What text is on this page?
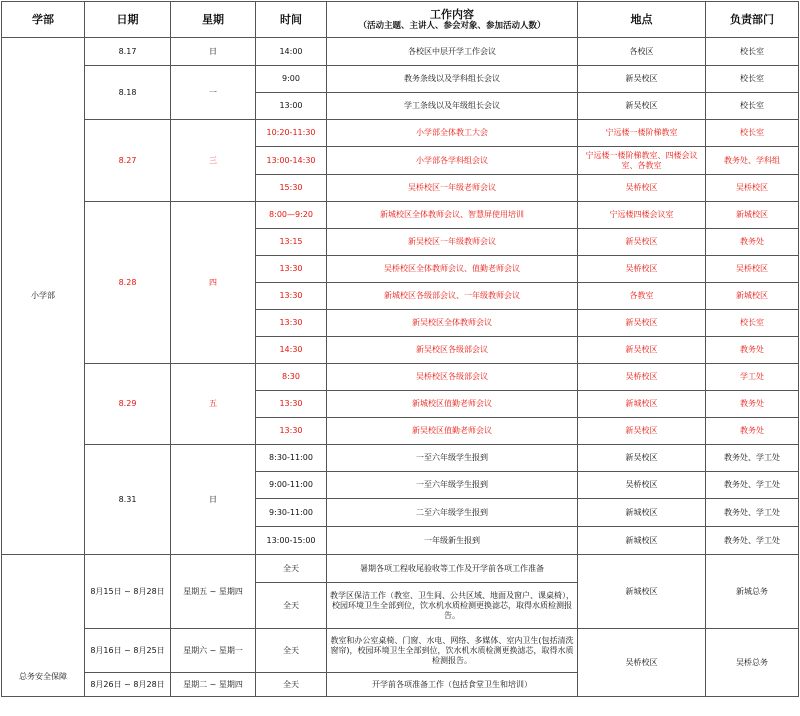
学部	日期	星期	时间	工作内容
（活动主题、主讲人、参会对象、参加活动人数）	地点	负责部门
小学部	8.17	日	14:00	各校区中层开学工作会议	各校区	校长室
	8.18	一	9:00	教务条线以及学科组长会议	新吴校区	校长室
			13:00	学工条线以及年级组长会议	新吴校区	校长室
	8.27	三	10:20-11:30	小学部全体教工大会	宁远楼一楼阶梯教室	校长室
			13:00-14:30	小学部各学科组会议	宁远楼一楼阶梯教室、四楼会议室、各教室	教务处、学科组
			15:30	吴桥校区一年级老师会议	吴桥校区	吴桥校区
	8.28	四	8:00—9:20	新城校区全体教师会议、智慧屏使用培训	宁远楼四楼会议室	新城校区
			13:15	新吴校区一年级教师会议	新吴校区	教务处
			13:30	吴桥校区全体教师会议、值勤老师会议	吴桥校区	吴桥校区
			13:30	新城校区各级部会议、一年级教师会议	各教室	新城校区
			13:30	新吴校区全体教师会议	新吴校区	校长室
			14:30	新吴校区各级部会议	新吴校区	教务处
	8.29	五	8:30	吴桥校区各级部会议	吴桥校区	学工处
			13:30	新城校区值勤老师会议	新城校区	教务处
			13:30	新吴校区值勤老师会议	新吴校区	教务处
	8.31	日	8:30-11:00	一至六年级学生报到	新吴校区	教务处、学工处
			9:00-11:00	一至六年级学生报到	吴桥校区	教务处、学工处
			9:30-11:00	二至六年级学生报到	新城校区	教务处、学工处
			13:00-15:00	一年级新生报到	新城校区	教务处、学工处
总务安全保障	8月15日 ~ 8月28日	星期五 ~ 星期四	全天	暑期各项工程收尾验收等工作及开学前各项工作准备	新城校区	新城总务
			全天	教学区保洁工作（教室、卫生间、公共区域、地面及窗户、课桌椅），校园环境卫生全部到位，饮水机水质检测更换滤芯，取得水质检测报告。		
	8月16日 ~ 8月25日	星期六 ~ 星期一	全天	教室和办公室桌椅、门窗、水电、网络、多媒体、室内卫生(包括清洗窗帘)，校园环境卫生全部到位，饮水机水质检测更换滤芯，取得水质检测报告。	吴桥校区	吴桥总务
	8月26日 ~ 8月28日	星期二 ~ 星期四	全天	开学前各项准备工作（包括食堂卫生和培训）		
